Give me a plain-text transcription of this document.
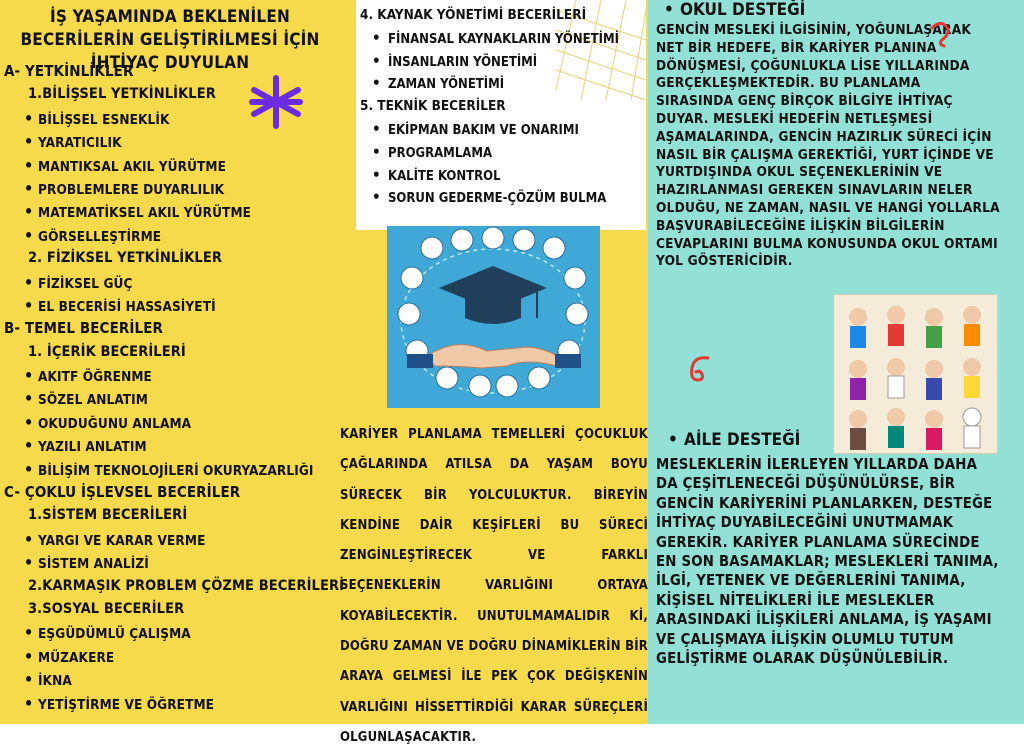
İŞ YAŞAMINDA BEKLENİLEN BECERİLERİN GELİŞTİRİLMESİ İÇİN İHTİYAÇ DUYULAN
A- YETKİNLİKLER
1.BİLİŞSEL YETKİNLİKLER
• BİLİŞSEL ESNEKLİK
• YARATICILIK
• MANTIKSAL AKIL YÜRÜTME
• PROBLEMLERE DUYARLILIK
• MATEMATİKSEL AKIL YÜRÜTME
• GÖRSELLEŞTİRME
2. FİZİKSEL YETKİNLİKLER
• FİZİKSEL GÜÇ
• EL BECERİSİ HASSASİYETİ
B- TEMEL BECERİLER
1. İÇERİK BECERİLERİ
• AKITF ÖĞRENME
• SÖZEL ANLATIM
• OKUDUĞUNU ANLAMA
• YAZILI ANLATIM
• BİLİŞİM TEKNOLOJİLERİ OKURYAZARLIĞI
C- ÇOKLU İŞLEVSEL BECERİLER
1.SİSTEM BECERİLERİ
• YARGI VE KARAR VERME
• SİSTEM ANALİZİ
2.KARMAŞIK PROBLEM ÇÖZME BECERİLERİ
3.SOSYAL BECERİLER
• EŞGÜDÜMLÜ ÇALIŞMA
• MÜZAKERE
• İKNA
• YETİŞTİRME VE ÖĞRETME
4. KAYNAK YÖNETİMİ BECERİLERİ
• FİNANSAL KAYNAKLARIN YÖNETİMİ
• İNSANLARIN YÖNETİMİ
• ZAMAN YÖNETİMİ
5. TEKNİK BECERİLER
• EKİPMAN BAKIM VE ONARIMI
• PROGRAMLAMA
• KALİTE KONTROL
• SORUN GEDERME-ÇÖZÜM BULMA
KARİYER PLANLAMA TEMELLERİ ÇOCUKLUK ÇAĞLARINDA ATILSA DA YAŞAM BOYU SÜRECEK BİR YOLCULUKTUR. BİREYİN KENDİNE DAİR KEŞİFLERİ BU SÜRECİ ZENGİNLEŞTİRECEK VE FARKLI SEÇENEKLERİN VARLIĞINI ORTAYA KOYABİLECEKTİR. UNUTULMAMALIDIR Kİ, DOĞRU ZAMAN VE DOĞRU DİNAMİKLERİN BİR ARAYA GELMESİ İLE PEK ÇOK DEĞİŞKENİN VARLIĞINI HİSSETTİRDİĞİ KARAR SÜREÇLERİ OLGUNLAŞACAKTIR.
• OKUL DESTEĞİ
GENCİN MESLEKİ İLGİSİNİN, YOĞUNLAŞARAK NET BİR HEDEFE, BİR KARİYER PLANINA DÖNÜŞMESİ, ÇOĞUNLUKLA LİSE YILLARINDA GERÇEKLEŞMEKTEDİR. BU PLANLAMA SIRASINDA GENÇ BİRÇOK BİLGİYE İHTİYAÇ DUYAR. MESLEKİ HEDEFİN NETLEŞMESİ AŞAMALARINDA, GENCİN HAZIRLIK SÜRECİ İÇİN NASIL BİR ÇALIŞMA GEREKTİĞİ, YURT İÇİNDE VE YURTDIŞINDA OKUL SEÇENEKLERİNİN VE HAZIRLANMASI GEREKEN SINAVLARIN NELER OLDUĞU, NE ZAMAN, NASIL VE HANGİ YOLLARLA BAŞVURABİLECEĞİNE İLİŞKİN BİLGİLERİN CEVAPLARINI BULMA KONUSUNDA OKUL ORTAMI YOL GÖSTERİCİDİR.
• AİLE DESTEĞİ
MESLEKLERİN İLERLEYEN YILLARDA DAHA DA ÇEŞİTLENECEĞİ DÜŞÜNÜLÜRSE, BİR GENCİN KARİYERİNİ PLANLARKEN, DESTEĞE İHTİYAÇ DUYABİLECEĞİNİ UNUTMAMAK GEREKİR. KARİYER PLANLAMA SÜRECİNDE EN SON BASAMAKLAR; MESLEKLERİ TANIMA, İLGİ, YETENEK VE DEĞERLERİNİ TANIMA, KİŞİSEL NİTELİKLERİ İLE MESLEKLER ARASINDAKİ İLİŞKİLERİ ANLAMA, İŞ YAŞAMI VE ÇALIŞMAYA İLİŞKİN OLUMLU TUTUM GELİŞTİRME OLARAK DÜŞÜNÜLEBİLİR.
